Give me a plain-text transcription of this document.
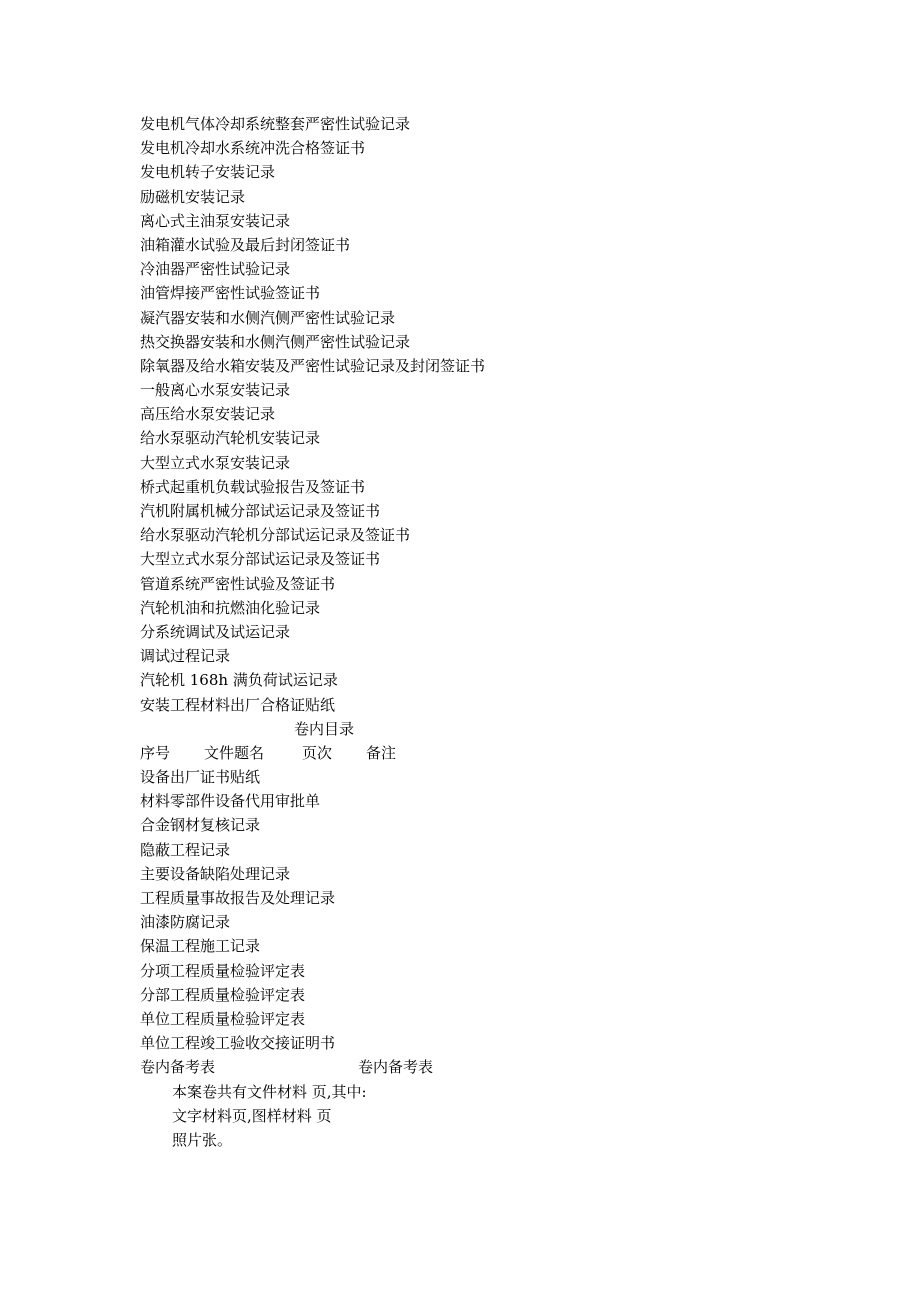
发电机气体冷却系统整套严密性试验记录
发电机冷却水系统冲洗合格签证书
发电机转子安装记录
励磁机安装记录
离心式主油泵安装记录
油箱灌水试验及最后封闭签证书
冷油器严密性试验记录
油管焊接严密性试验签证书
凝汽器安装和水侧汽侧严密性试验记录
热交换器安装和水侧汽侧严密性试验记录
除氧器及给水箱安装及严密性试验记录及封闭签证书
一般离心水泵安装记录
高压给水泵安装记录
给水泵驱动汽轮机安装记录
大型立式水泵安装记录
桥式起重机负载试验报告及签证书
汽机附属机械分部试运记录及签证书
给水泵驱动汽轮机分部试运记录及签证书
大型立式水泵分部试运记录及签证书
管道系统严密性试验及签证书
汽轮机油和抗燃油化验记录
分系统调试及试运记录
调试过程记录
汽轮机 168h 满负荷试运记录
安装工程材料出厂合格证贴纸
卷内目录
序号 文件题名	页次 备注
设备出厂证书贴纸
材料零部件设备代用审批单
合金钢材复核记录
隐蔽工程记录
主要设备缺陷处理记录
工程质量事故报告及处理记录
油漆防腐记录
保温工程施工记录
分项工程质量检验评定表
分部工程质量检验评定表
单位工程质量检验评定表
单位工程竣工验收交接证明书
卷内备考表	卷内备考表
本案卷共有文件材料 页,其中:
文字材料页,图样材料 页
照片张。
